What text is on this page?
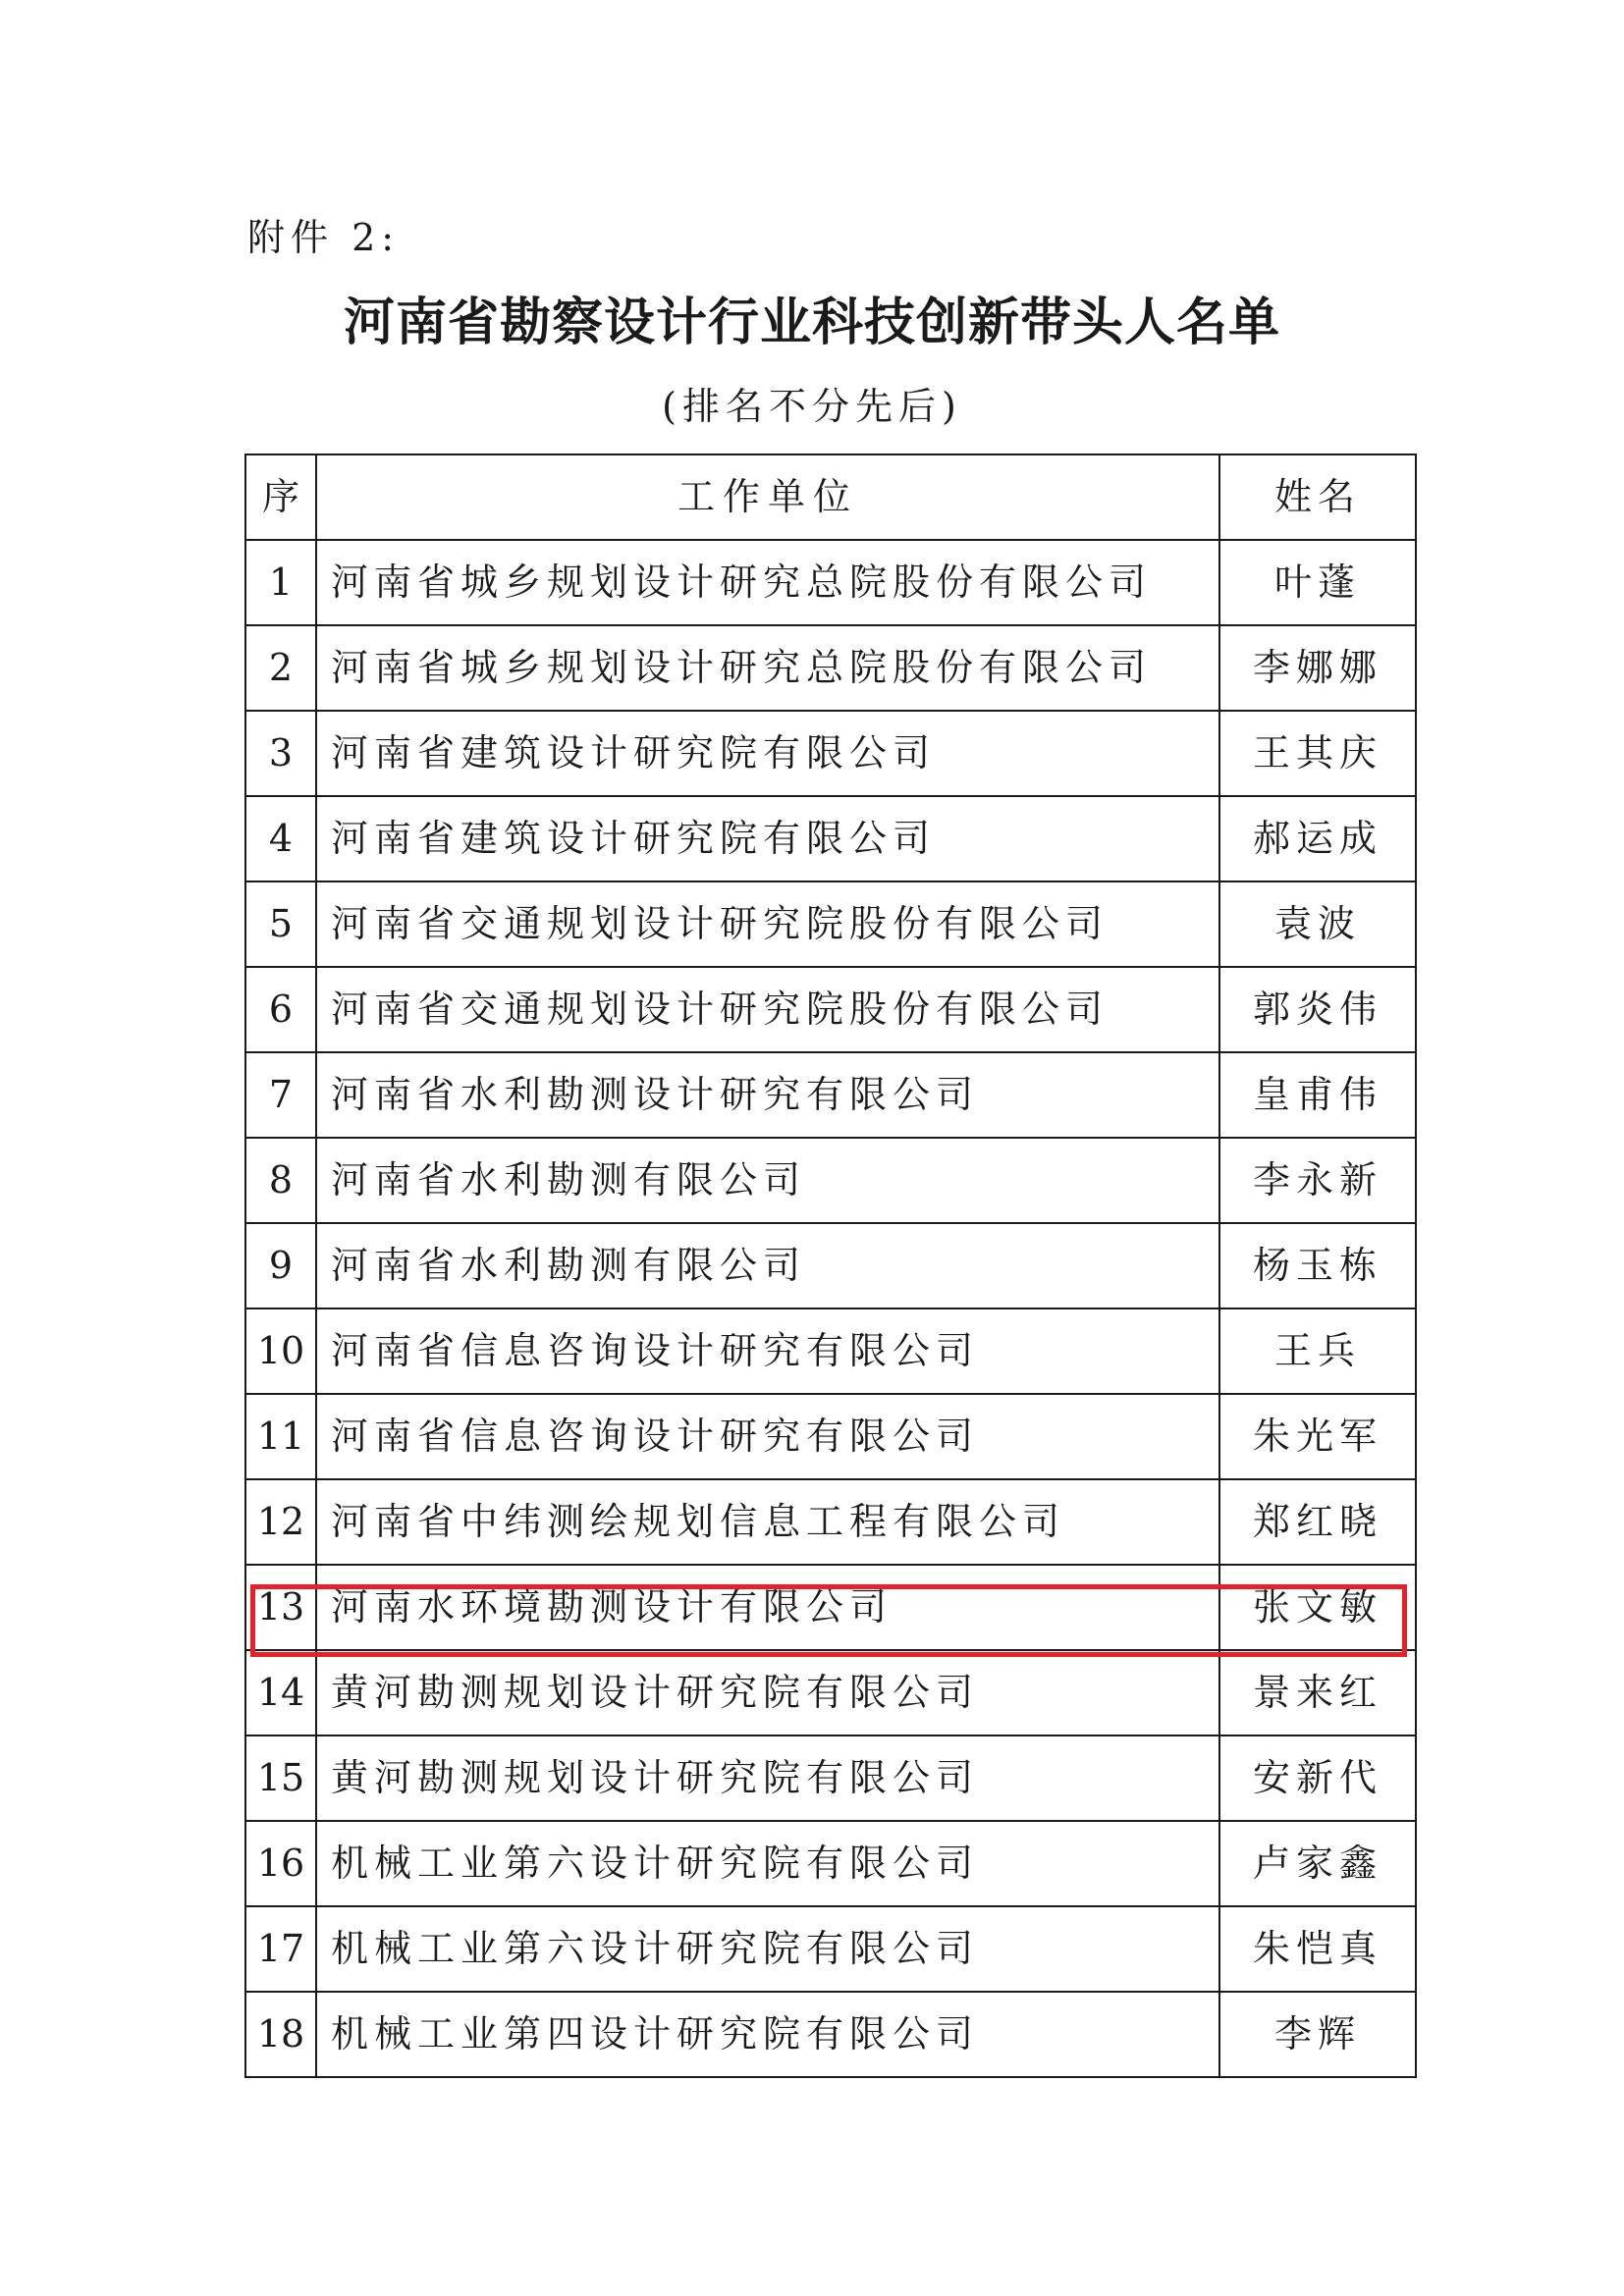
附件 2:
河南省勘察设计行业科技创新带头人名单
(排名不分先后)
序	工作单位	姓名
1	河南省城乡规划设计研究总院股份有限公司	叶蓬
2	河南省城乡规划设计研究总院股份有限公司	李娜娜
3	河南省建筑设计研究院有限公司	王其庆
4	河南省建筑设计研究院有限公司	郝运成
5	河南省交通规划设计研究院股份有限公司	袁波
6	河南省交通规划设计研究院股份有限公司	郭炎伟
7	河南省水利勘测设计研究有限公司	皇甫伟
8	河南省水利勘测有限公司	李永新
9	河南省水利勘测有限公司	杨玉栋
10	河南省信息咨询设计研究有限公司	王兵
11	河南省信息咨询设计研究有限公司	朱光军
12	河南省中纬测绘规划信息工程有限公司	郑红晓
13	河南水环境勘测设计有限公司	张文敏
14	黄河勘测规划设计研究院有限公司	景来红
15	黄河勘测规划设计研究院有限公司	安新代
16	机械工业第六设计研究院有限公司	卢家鑫
17	机械工业第六设计研究院有限公司	朱恺真
18	机械工业第四设计研究院有限公司	李辉
